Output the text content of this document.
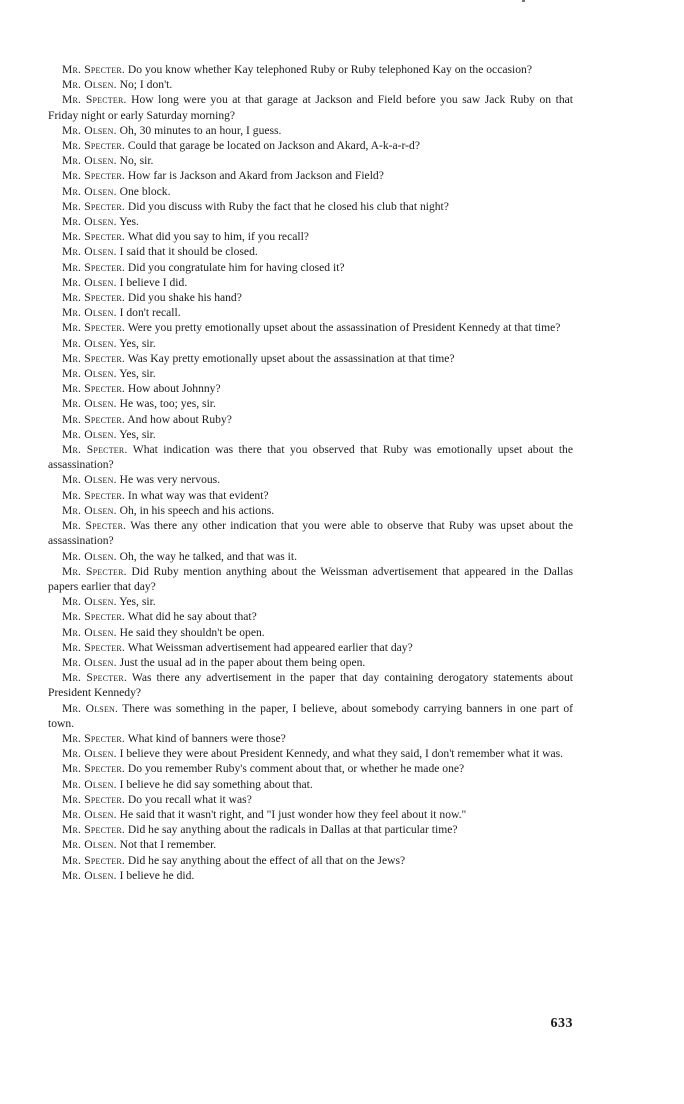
Mr. Specter. Do you know whether Kay telephoned Ruby or Ruby telephoned Kay on the occasion?

Mr. Olsen. No; I don't.

Mr. Specter. How long were you at that garage at Jackson and Field before you saw Jack Ruby on that Friday night or early Saturday morning?

Mr. Olsen. Oh, 30 minutes to an hour, I guess.

Mr. Specter. Could that garage be located on Jackson and Akard, A-k-a-r-d?

Mr. Olsen. No, sir.

Mr. Specter. How far is Jackson and Akard from Jackson and Field?

Mr. Olsen. One block.

Mr. Specter. Did you discuss with Ruby the fact that he closed his club that night?

Mr. Olsen. Yes.

Mr. Specter. What did you say to him, if you recall?

Mr. Olsen. I said that it should be closed.

Mr. Specter. Did you congratulate him for having closed it?

Mr. Olsen. I believe I did.

Mr. Specter. Did you shake his hand?

Mr. Olsen. I don't recall.

Mr. Specter. Were you pretty emotionally upset about the assassination of President Kennedy at that time?

Mr. Olsen. Yes, sir.

Mr. Specter. Was Kay pretty emotionally upset about the assassination at that time?

Mr. Olsen. Yes, sir.

Mr. Specter. How about Johnny?

Mr. Olsen. He was, too; yes, sir.

Mr. Specter. And how about Ruby?

Mr. Olsen. Yes, sir.

Mr. Specter. What indication was there that you observed that Ruby was emotionally upset about the assassination?

Mr. Olsen. He was very nervous.

Mr. Specter. In what way was that evident?

Mr. Olsen. Oh, in his speech and his actions.

Mr. Specter. Was there any other indication that you were able to observe that Ruby was upset about the assassination?

Mr. Olsen. Oh, the way he talked, and that was it.

Mr. Specter. Did Ruby mention anything about the Weissman advertisement that appeared in the Dallas papers earlier that day?

Mr. Olsen. Yes, sir.

Mr. Specter. What did he say about that?

Mr. Olsen. He said they shouldn't be open.

Mr. Specter. What Weissman advertisement had appeared earlier that day?

Mr. Olsen. Just the usual ad in the paper about them being open.

Mr. Specter. Was there any advertisement in the paper that day containing derogatory statements about President Kennedy?

Mr. Olsen. There was something in the paper, I believe, about somebody carrying banners in one part of town.

Mr. Specter. What kind of banners were those?

Mr. Olsen. I believe they were about President Kennedy, and what they said, I don't remember what it was.

Mr. Specter. Do you remember Ruby's comment about that, or whether he made one?

Mr. Olsen. I believe he did say something about that.

Mr. Specter. Do you recall what it was?

Mr. Olsen. He said that it wasn't right, and "I just wonder how they feel about it now."

Mr. Specter. Did he say anything about the radicals in Dallas at that particular time?

Mr. Olsen. Not that I remember.

Mr. Specter. Did he say anything about the effect of all that on the Jews?

Mr. Olsen. I believe he did.

633
